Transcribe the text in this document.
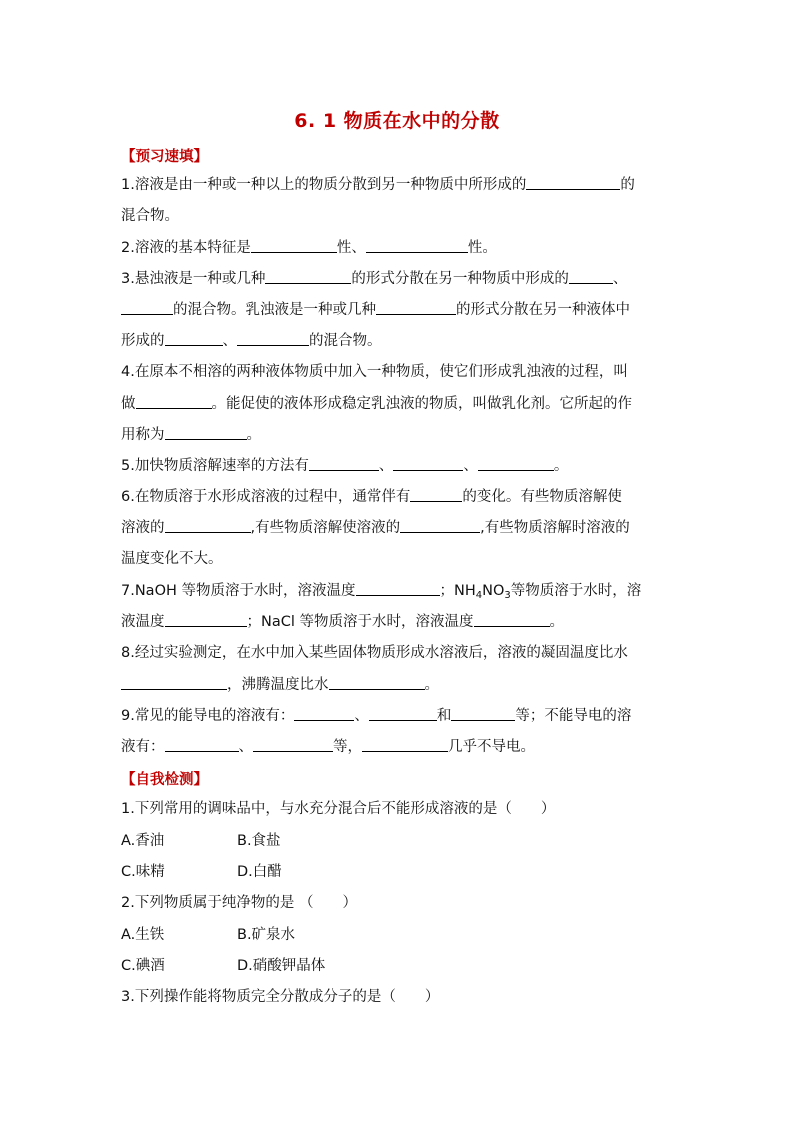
6. 1 物质在水中的分散
【预习速填】
1.溶液是由一种或一种以上的物质分散到另一种物质中所形成的	的
混合物。
2.溶液的基本特征是	性、	性。
3.悬浊液是一种或几种	的形式分散在另一种物质中形成的	、
的混合物。乳浊液是一种或几种	的形式分散在另一种液体中
形成的	、	的混合物。
4.在原本不相溶的两种液体物质中加入一种物质，使它们形成乳浊液的过程，叫
做	。能促使的液体形成稳定乳浊液的物质，叫做乳化剂。它所起的作
用称为	。
5.加快物质溶解速率的方法有	、	、	。
6.在物质溶于水形成溶液的过程中，通常伴有	的变化。有些物质溶解使
溶液的	,有些物质溶解使溶液的	,有些物质溶解时溶液的
温度变化不大。
7.NaOH 等物质溶于水时，溶液温度	；$NH_4NO_3$等物质溶于水时，溶
液温度	；NaCl 等物质溶于水时，溶液温度	。
8.经过实验测定，在水中加入某些固体物质形成水溶液后，溶液的凝固温度比水
，沸腾温度比水	。
9.常见的能导电的溶液有：	、	和	等；不能导电的溶
液有：	、	等，	几乎不导电。
【自我检测】
1.下列常用的调味品中，与水充分混合后不能形成溶液的是（　　）
A.香油	B.食盐
C.味精	D.白醋
2.下列物质属于纯净物的是 （　　）
A.生铁	B.矿泉水
C.碘酒	D.硝酸钾晶体
3.下列操作能将物质完全分散成分子的是（　　）
